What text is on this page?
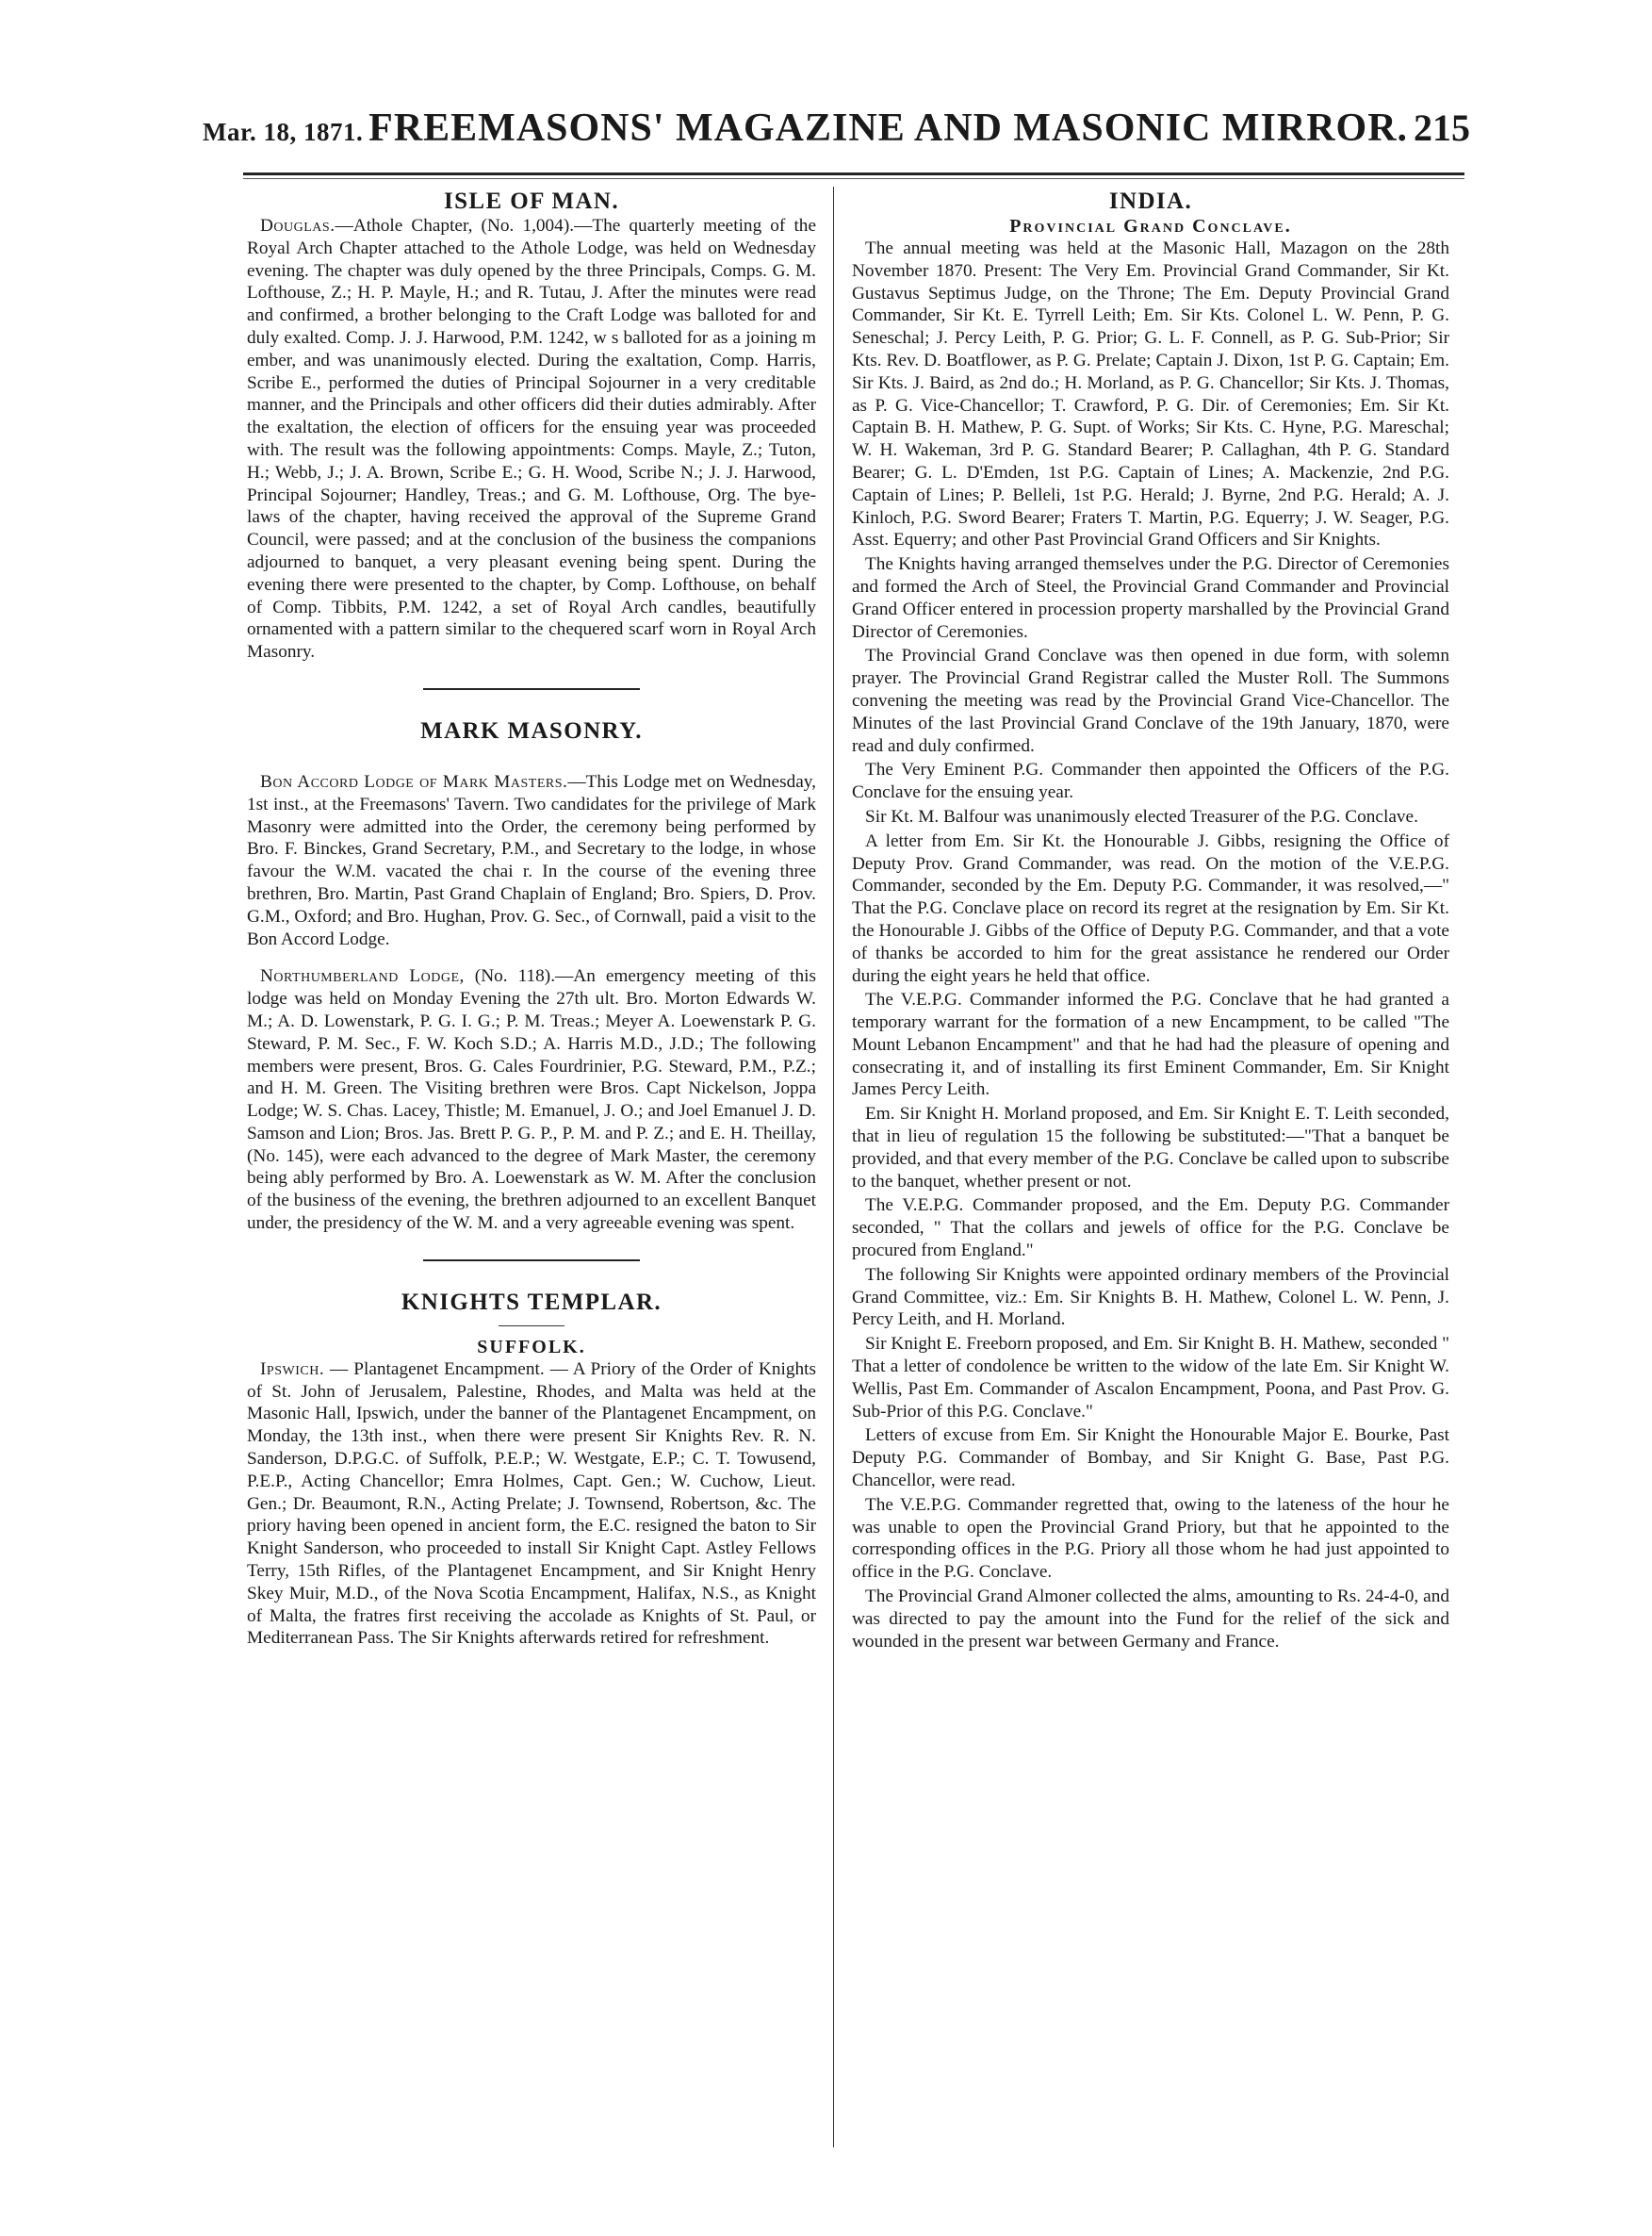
Mar. 18, 1871. FREEMASONS' MAGAZINE AND MASONIC MIRROR. 215
ISLE OF MAN.

Douglas.—Athole Chapter, (No. 1,004).—The quarterly meeting of the Royal Arch Chapter attached to the Athole Lodge, was held on Wednesday evening. The chapter was duly opened by the three Principals, Comps. G. M. Lofthouse, Z.; H. P. Mayle, H.; and R. Tutau, J. After the minutes were read and confirmed, a brother belonging to the Craft Lodge was balloted for and duly exalted. Comp. J. J. Harwood, P.M. 1242, w s balloted for as a joining m ember, and was unanimously elected. During the exaltation, Comp. Harris, Scribe E., performed the duties of Principal Sojourner in a very creditable manner, and the Principals and other officers did their duties admirably. After the exaltation, the election of officers for the ensuing year was proceeded with. The result was the following appointments: Comps. Mayle, Z.; Tuton, H.; Webb, J.; J. A. Brown, Scribe E.; G. H. Wood, Scribe N.; J. J. Harwood, Principal Sojourner; Handley, Treas.; and G. M. Lofthouse, Org. The bye-laws of the chapter, having received the approval of the Supreme Grand Council, were passed; and at the conclusion of the business the companions adjourned to banquet, a very pleasant evening being spent. During the evening there were presented to the chapter, by Comp. Lofthouse, on behalf of Comp. Tibbits, P.M. 1242, a set of Royal Arch candles, beautifully ornamented with a pattern similar to the chequered scarf worn in Royal Arch Masonry.

MARK MASONRY.

Bon Accord Lodge of Mark Masters.—This Lodge met on Wednesday, 1st inst., at the Freemasons' Tavern. Two candidates for the privilege of Mark Masonry were admitted into the Order, the ceremony being performed by Bro. F. Binckes, Grand Secretary, P.M., and Secretary to the lodge, in whose favour the W.M. vacated the chai r. In the course of the evening three brethren, Bro. Martin, Past Grand Chaplain of England; Bro. Spiers, D. Prov. G.M., Oxford; and Bro. Hughan, Prov. G. Sec., of Cornwall, paid a visit to the Bon Accord Lodge.

Northumberland Lodge, (No. 118).—An emergency meeting of this lodge was held on Monday Evening the 27th ult. Bro. Morton Edwards W. M.; A. D. Lowenstark, P. G. I. G.; P. M. Treas.; Meyer A. Loewenstark P. G. Steward, P. M. Sec., F. W. Koch S.D.; A. Harris M.D., J.D.; The following members were present, Bros. G. Cales Fourdrinier, P.G. Steward, P.M., P.Z.; and H. M. Green. The Visiting brethren were Bros. Capt Nickelson, Joppa Lodge; W. S. Chas. Lacey, Thistle; M. Emanuel, J. O.; and Joel Emanuel J. D. Samson and Lion; Bros. Jas. Brett P. G. P., P. M. and P. Z.; and E. H. Theillay, (No. 145), were each advanced to the degree of Mark Master, the ceremony being ably performed by Bro. A. Loewenstark as W. M. After the conclusion of the business of the evening, the brethren adjourned to an excellent Banquet under, the presidency of the W. M. and a very agreeable evening was spent.

KNIGHTS TEMPLAR.
SUFFOLK.

Ipswich. — Plantagenet Encampment. — A Priory of the Order of Knights of St. John of Jerusalem, Palestine, Rhodes, and Malta was held at the Masonic Hall, Ipswich, under the banner of the Plantagenet Encampment, on Monday, the 13th inst., when there were present Sir Knights Rev. R. N. Sanderson, D.P.G.C. of Suffolk, P.E.P.; W. Westgate, E.P.; C. T. Towusend, P.E.P., Acting Chancellor; Emra Holmes, Capt. Gen.; W. Cuchow, Lieut. Gen.; Dr. Beaumont, R.N., Acting Prelate; J. Townsend, Robertson, &c. The priory having been opened in ancient form, the E.C. resigned the baton to Sir Knight Sanderson, who proceeded to install Sir Knight Capt. Astley Fellows Terry, 15th Rifles, of the Plantagenet Encampment, and Sir Knight Henry Skey Muir, M.D., of the Nova Scotia Encampment, Halifax, N.S., as Knight of Malta, the fratres first receiving the accolade as Knights of St. Paul, or Mediterranean Pass. The Sir Knights afterwards retired for refreshment.

INDIA.
Provincial Grand Conclave.

The annual meeting was held at the Masonic Hall, Mazagon on the 28th November 1870. Present: The Very Em. Provincial Grand Commander, Sir Kt. Gustavus Septimus Judge, on the Throne; The Em. Deputy Provincial Grand Commander, Sir Kt. E. Tyrrell Leith; Em. Sir Kts. Colonel L. W. Penn, P. G. Seneschal; J. Percy Leith, P. G. Prior; G. L. F. Connell, as P. G. Sub-Prior; Sir Kts. Rev. D. Boatflower, as P. G. Prelate; Captain J. Dixon, 1st P. G. Captain; Em. Sir Kts. J. Baird, as 2nd do.; H. Morland, as P. G. Chancellor; Sir Kts. J. Thomas, as P. G. Vice-Chancellor; T. Crawford, P. G. Dir. of Ceremonies; Em. Sir Kt. Captain B. H. Mathew, P. G. Supt. of Works; Sir Kts. C. Hyne, P.G. Mareschal; W. H. Wakeman, 3rd P. G. Standard Bearer; P. Callaghan, 4th P. G. Standard Bearer; G. L. D'Emden, 1st P.G. Captain of Lines; A. Mackenzie, 2nd P.G. Captain of Lines; P. Belleli, 1st P.G. Herald; J. Byrne, 2nd P.G. Herald; A. J. Kinloch, P.G. Sword Bearer; Fraters T. Martin, P.G. Equerry; J. W. Seager, P.G. Asst. Equerry; and other Past Provincial Grand Officers and Sir Knights.

The Knights having arranged themselves under the P.G. Director of Ceremonies and formed the Arch of Steel, the Provincial Grand Commander and Provincial Grand Officer entered in procession property marshalled by the Provincial Grand Director of Ceremonies.

The Provincial Grand Conclave was then opened in due form, with solemn prayer. The Provincial Grand Registrar called the Muster Roll. The Summons convening the meeting was read by the Provincial Grand Vice-Chancellor. The Minutes of the last Provincial Grand Conclave of the 19th January, 1870, were read and duly confirmed.

The Very Eminent P.G. Commander then appointed the Officers of the P.G. Conclave for the ensuing year.

Sir Kt. M. Balfour was unanimously elected Treasurer of the P.G. Conclave.

A letter from Em. Sir Kt. the Honourable J. Gibbs, resigning the Office of Deputy Prov. Grand Commander, was read. On the motion of the V.E.P.G. Commander, seconded by the Em. Deputy P.G. Commander, it was resolved,—" That the P.G. Conclave place on record its regret at the resignation by Em. Sir Kt. the Honourable J. Gibbs of the Office of Deputy P.G. Commander, and that a vote of thanks be accorded to him for the great assistance he rendered our Order during the eight years he held that office.

The V.E.P.G. Commander informed the P.G. Conclave that he had granted a temporary warrant for the formation of a new Encampment, to be called "The Mount Lebanon Encampment" and that he had had the pleasure of opening and consecrating it, and of installing its first Eminent Commander, Em. Sir Knight James Percy Leith.

Em. Sir Knight H. Morland proposed, and Em. Sir Knight E. T. Leith seconded, that in lieu of regulation 15 the following be substituted:—"That a banquet be provided, and that every member of the P.G. Conclave be called upon to subscribe to the banquet, whether present or not.

The V.E.P.G. Commander proposed, and the Em. Deputy P.G. Commander seconded, " That the collars and jewels of office for the P.G. Conclave be procured from England."

The following Sir Knights were appointed ordinary members of the Provincial Grand Committee, viz.: Em. Sir Knights B. H. Mathew, Colonel L. W. Penn, J. Percy Leith, and H. Morland.

Sir Knight E. Freeborn proposed, and Em. Sir Knight B. H. Mathew, seconded " That a letter of condolence be written to the widow of the late Em. Sir Knight W. Wellis, Past Em. Commander of Ascalon Encampment, Poona, and Past Prov. G. Sub-Prior of this P.G. Conclave."

Letters of excuse from Em. Sir Knight the Honourable Major E. Bourke, Past Deputy P.G. Commander of Bombay, and Sir Knight G. Base, Past P.G. Chancellor, were read.

The V.E.P.G. Commander regretted that, owing to the lateness of the hour he was unable to open the Provincial Grand Priory, but that he appointed to the corresponding offices in the P.G. Priory all those whom he had just appointed to office in the P.G. Conclave.

The Provincial Grand Almoner collected the alms, amounting to Rs. 24-4-0, and was directed to pay the amount into the Fund for the relief of the sick and wounded in the present war between Germany and France.
